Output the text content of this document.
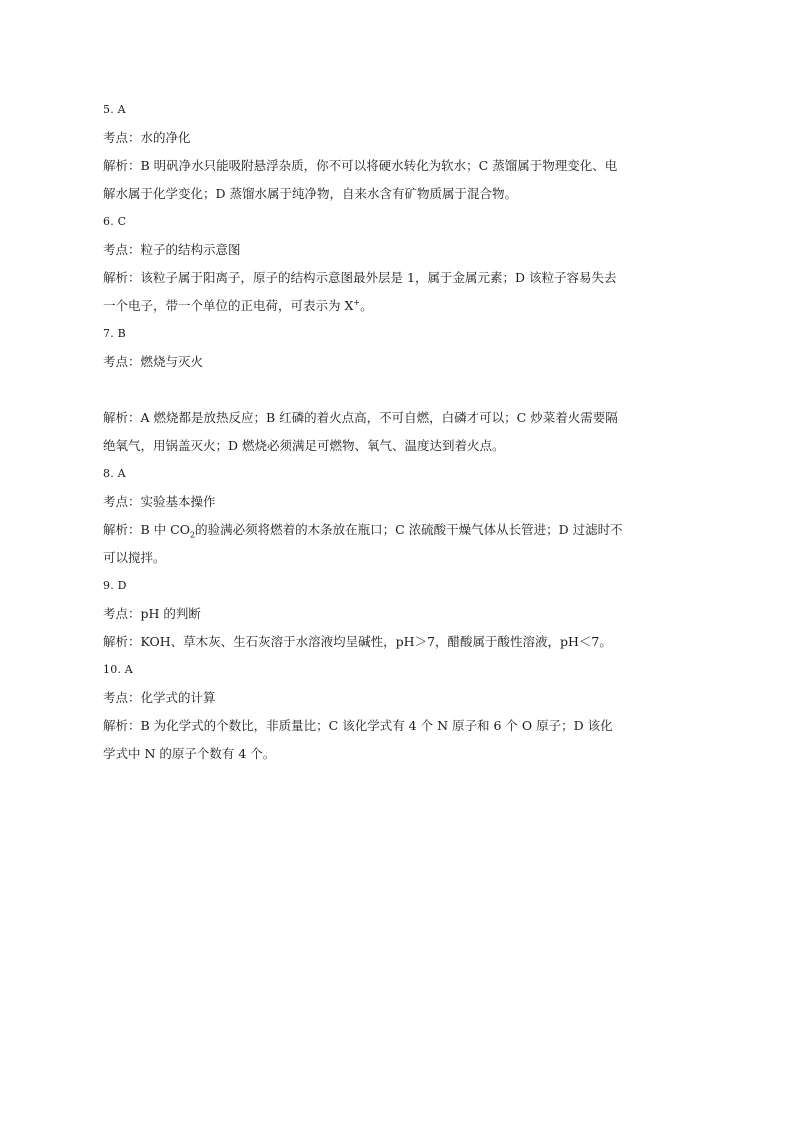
5. A

考点：水的净化

解析：B 明矾净水只能吸附悬浮杂质，你不可以将硬水转化为软水；C 蒸馏属于物理变化、电解水属于化学变化；D 蒸馏水属于纯净物，自来水含有矿物质属于混合物。

6. C

考点：粒子的结构示意图

解析：该粒子属于阳离子，原子的结构示意图最外层是 1，属于金属元素；D 该粒子容易失去一个电子，带一个单位的正电荷，可表示为 X+。

7. B

考点：燃烧与灭火

解析：A 燃烧都是放热反应；B 红磷的着火点高，不可自燃，白磷才可以；C 炒菜着火需要隔绝氧气，用锅盖灭火；D 燃烧必须满足可燃物、氧气、温度达到着火点。

8. A

考点：实验基本操作

解析：B 中 $CO_2$的验满必须将燃着的木条放在瓶口；C 浓硫酸干燥气体从长管进；D 过滤时不可以搅拌。

9. D

考点：pH 的判断

解析：KOH、草木灰、生石灰溶于水溶液均呈碱性，pH＞7，醋酸属于酸性溶液，pH＜7。

10. A

考点：化学式的计算

解析：B 为化学式的个数比，非质量比；C 该化学式有 4 个 N 原子和 6 个 O 原子；D 该化学式中 N 的原子个数有 4 个。
